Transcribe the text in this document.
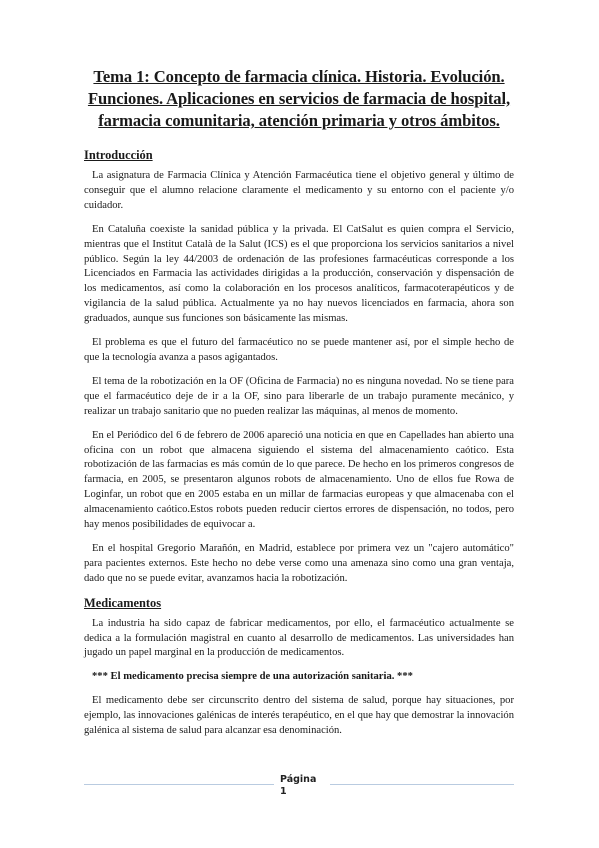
Tema 1: Concepto de farmacia clínica. Historia. Evolución. Funciones. Aplicaciones en servicios de farmacia de hospital, farmacia comunitaria, atención primaria y otros ámbitos.
Introducción

La asignatura de Farmacia Clínica y Atención Farmacéutica tiene el objetivo general y último de conseguir que el alumno relacione claramente el medicamento y su entorno con el paciente y/o cuidador.

En Cataluña coexiste la sanidad pública y la privada. El CatSalut es quien compra el Servicio, mientras que el Institut Català de la Salut (ICS) es el que proporciona los servicios sanitarios a nivel público. Según la ley 44/2003 de ordenación de las profesiones farmacéuticas corresponde a los Licenciados en Farmacia las actividades dirigidas a la producción, conservación y dispensación de los medicamentos, así como la colaboración en los procesos analíticos, farmacoterapéuticos y de vigilancia de la salud pública. Actualmente ya no hay nuevos licenciados en farmacia, ahora son graduados, aunque sus funciones son básicamente las mismas.

El problema es que el futuro del farmacéutico no se puede mantener así, por el simple hecho de que la tecnología avanza a pasos agigantados.

El tema de la robotización en la OF (Oficina de Farmacia) no es ninguna novedad. No se tiene para que el farmacéutico deje de ir a la OF, sino para liberarle de un trabajo puramente mecánico, y realizar un trabajo sanitario que no pueden realizar las máquinas, al menos de momento.

En el Periódico del 6 de febrero de 2006 apareció una noticia en que en Capellades han abierto una oficina con un robot que almacena siguiendo el sistema del almacenamiento caótico. Esta robotización de las farmacias es más común de lo que parece. De hecho en los primeros congresos de farmacia, en 2005, se presentaron algunos robots de almacenamiento. Uno de ellos fue Rowa de Loginfar, un robot que en 2005 estaba en un millar de farmacias europeas y que almacenaba con el almacenamiento caótico.Estos robots pueden reducir ciertos errores de dispensación, no todos, pero hay menos posibilidades de equivocar a.

En el hospital Gregorio Marañón, en Madrid, establece por primera vez un "cajero automático" para pacientes externos. Este hecho no debe verse como una amenaza sino como una gran ventaja, dado que no se puede evitar, avanzamos hacia la robotización.

Medicamentos

La industria ha sido capaz de fabricar medicamentos, por ello, el farmacéutico actualmente se dedica a la formulación magistral en cuanto al desarrollo de medicamentos. Las universidades han jugado un papel marginal en la producción de medicamentos.

*** El medicamento precisa siempre de una autorización sanitaria. ***

El medicamento debe ser circunscrito dentro del sistema de salud, porque hay situaciones, por ejemplo, las innovaciones galénicas de interés terapéutico, en el que hay que demostrar la innovación galénica al sistema de salud para alcanzar esa denominación.

Página
1
